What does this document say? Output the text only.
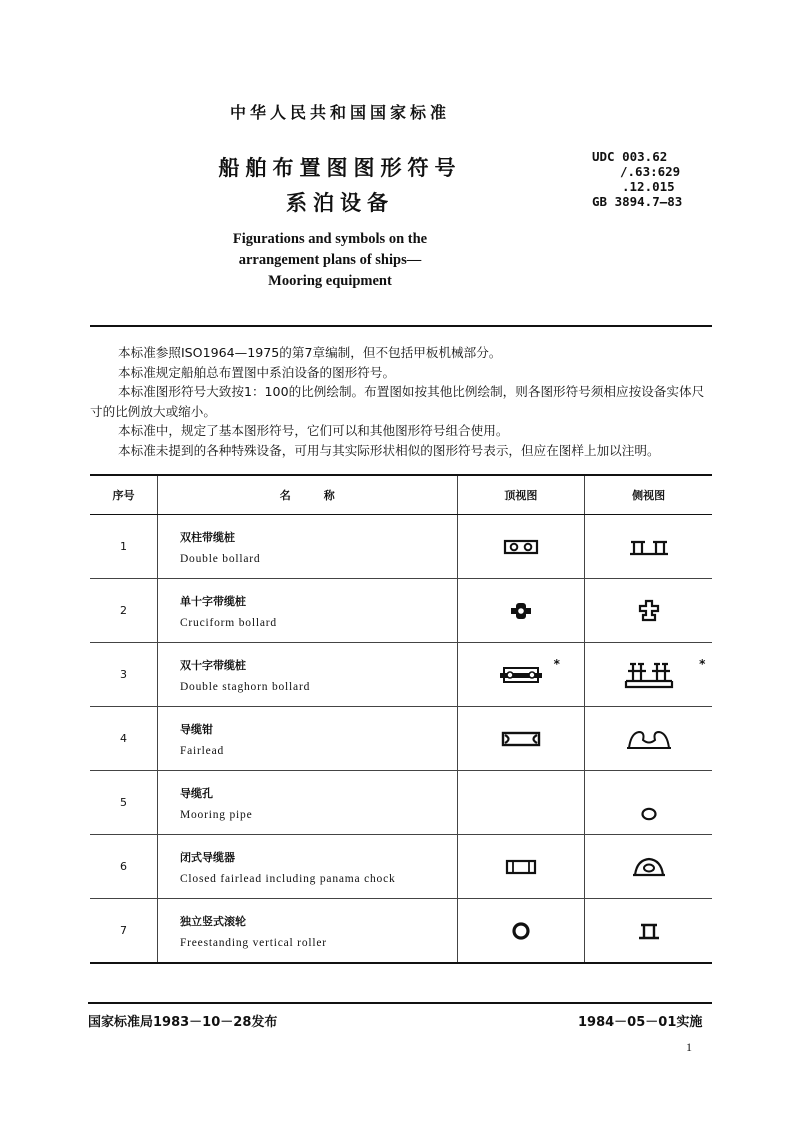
中华人民共和国国家标准
船舶布置图图形符号
系泊设备
UDC 003.62
/.63:629
.12.015
GB 3894.7—83
Figurations and symbols on the
arrangement plans of ships—
Mooring equipment

本标准参照ISO1964—1975的第7章编制，但不包括甲板机械部分。

本标准规定船舶总布置图中系泊设备的图形符号。

本标准图形符号大致按1：100的比例绘制。布置图如按其他比例绘制，则各图形符号须相应按设备实体尺寸的比例放大或缩小。

本标准中，规定了基本图形符号，它们可以和其他图形符号组合使用。

本标准未提到的各种特殊设备，可用与其实际形状相似的图形符号表示，但应在图样上加以注明。

序号	名　　　称	顶视图	侧视图
1	双柱带缆桩
Double bollard

2	单十字带缆桩
Cruciform bollard

3	双十字带缆桩
Double staghorn bollard	*	*

4	导缆钳
Fairlead

5	导缆孔
Mooring pipe

6	闭式导缆器
Closed fairlead including panama chock

7	独立竖式滚轮
Freestanding vertical roller

国家标准局1983－10－28发布	1984－05－01实施
1
